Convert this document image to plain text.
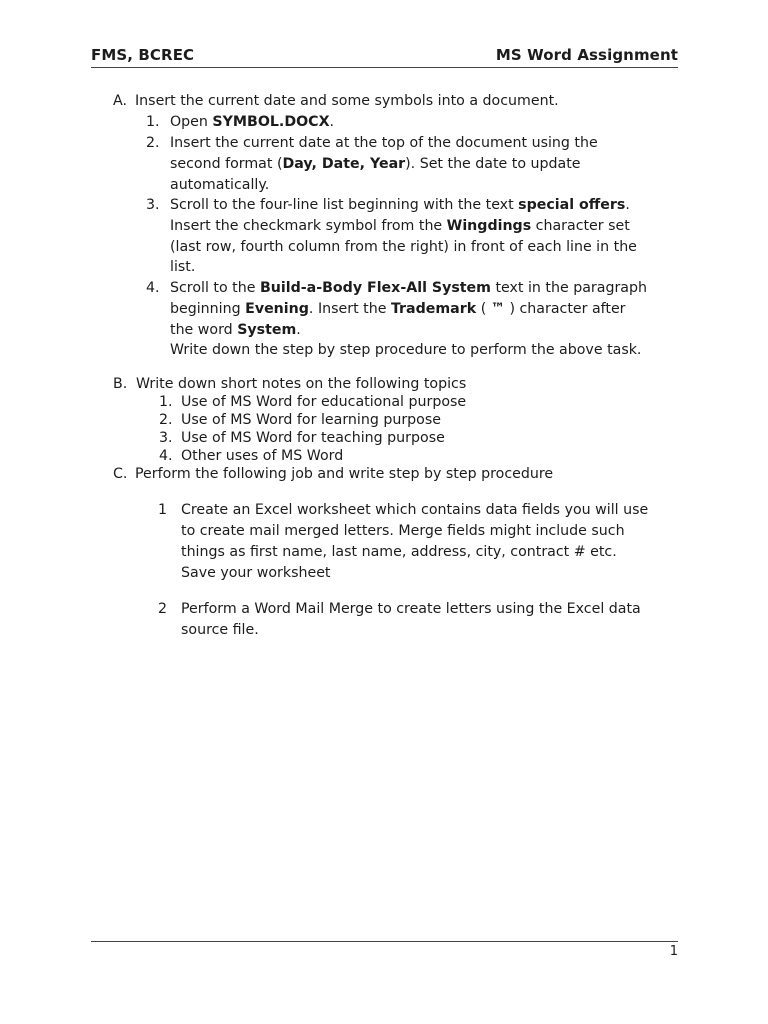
FMS, BCREC	MS Word Assignment
A. Insert the current date and some symbols into a document.
1. Open SYMBOL.DOCX.
2. Insert the current date at the top of the document using the
second format (Day, Date, Year). Set the date to update
automatically.
3. Scroll to the four-line list beginning with the text special offers.
Insert the checkmark symbol from the Wingdings character set
(last row, fourth column from the right) in front of each line in the
list.
4. Scroll to the Build-a-Body Flex-All System text in the paragraph
beginning Evening. Insert the Trademark ( ™ ) character after
the word System.
Write down the step by step procedure to perform the above task.
B. Write down short notes on the following topics
1. Use of MS Word for educational purpose
2. Use of MS Word for learning purpose
3. Use of MS Word for teaching purpose
4. Other uses of MS Word
C. Perform the following job and write step by step procedure
1 Create an Excel worksheet which contains data fields you will use
to create mail merged letters. Merge fields might include such
things as first name, last name, address, city, contract # etc.
Save your worksheet
2 Perform a Word Mail Merge to create letters using the Excel data
source file.
1
